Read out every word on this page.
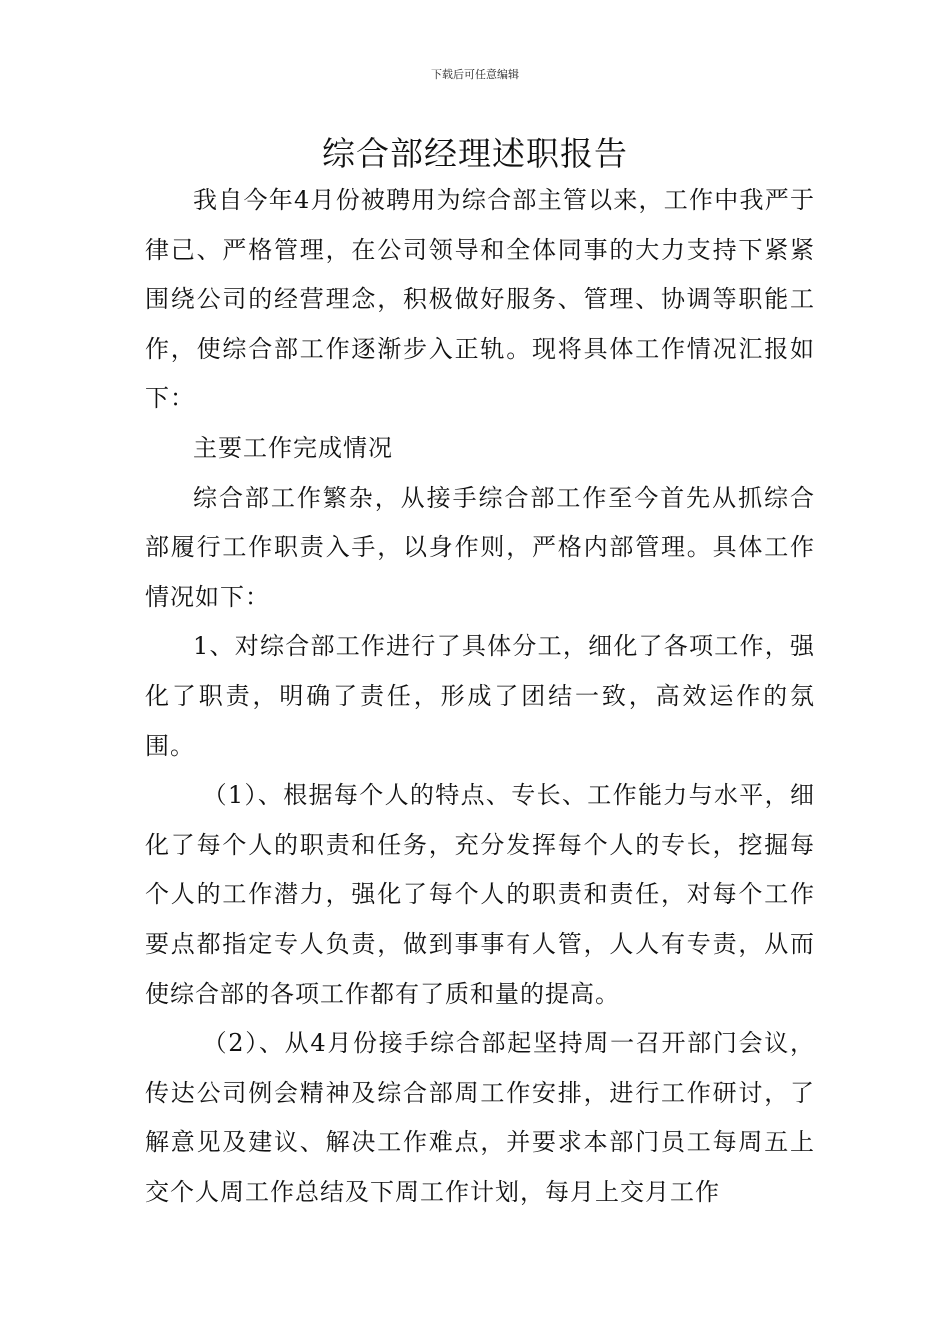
下载后可任意编辑
综合部经理述职报告

我自今年4月份被聘用为综合部主管以来，工作中我严于律己、严格管理，在公司领导和全体同事的大力支持下紧紧围绕公司的经营理念，积极做好服务、管理、协调等职能工作，使综合部工作逐渐步入正轨。现将具体工作情况汇报如下：

主要工作完成情况

综合部工作繁杂，从接手综合部工作至今首先从抓综合部履行工作职责入手，以身作则，严格内部管理。具体工作情况如下：

1、对综合部工作进行了具体分工，细化了各项工作，强化了职责，明确了责任，形成了团结一致，高效运作的氛围。

（1）、根据每个人的特点、专长、工作能力与水平，细化了每个人的职责和任务，充分发挥每个人的专长，挖掘每个人的工作潜力，强化了每个人的职责和责任，对每个工作要点都指定专人负责，做到事事有人管，人人有专责，从而使综合部的各项工作都有了质和量的提高。

（2）、从4月份接手综合部起坚持周一召开部门会议，传达公司例会精神及综合部周工作安排，进行工作研讨，了解意见及建议、解决工作难点，并要求本部门员工每周五上交个人周工作总结及下周工作计划，每月上交月工作
